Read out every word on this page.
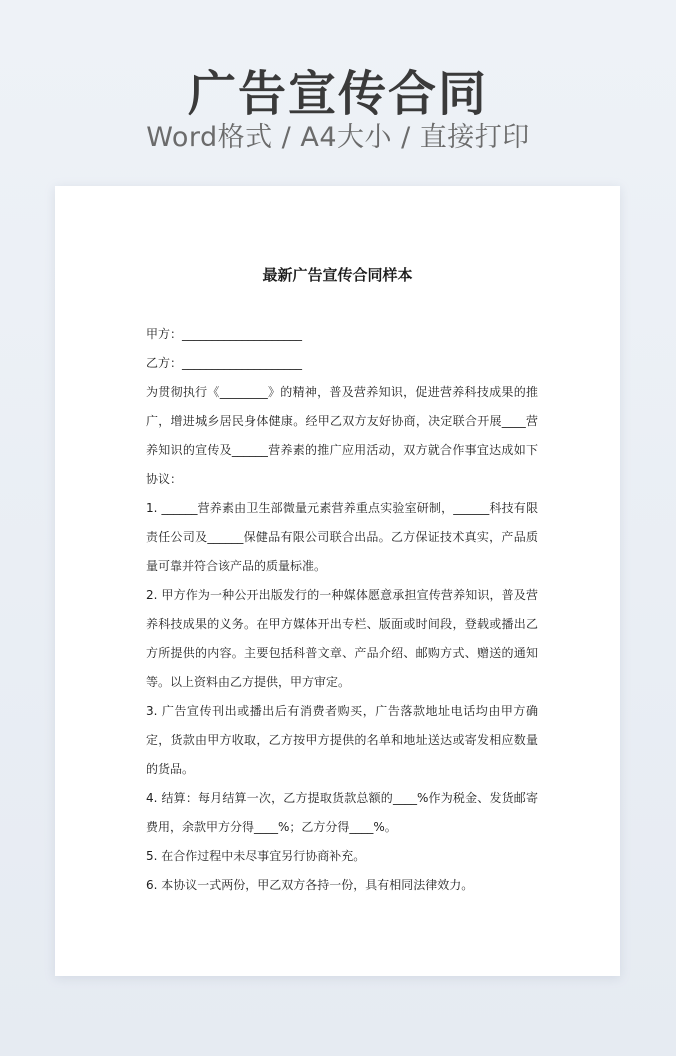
广告宣传合同
Word格式 / A4大小 / 直接打印
最新广告宣传合同样本

甲方：____________________

乙方：____________________

为贯彻执行《________》的精神，普及营养知识，促进营养科技成果的推广，增进城乡居民身体健康。经甲乙双方友好协商，决定联合开展____营养知识的宣传及______营养素的推广应用活动，双方就合作事宜达成如下协议：

1. ______营养素由卫生部微量元素营养重点实验室研制，______科技有限责任公司及______保健品有限公司联合出品。乙方保证技术真实，产品质量可靠并符合该产品的质量标准。

2. 甲方作为一种公开出版发行的一种媒体愿意承担宣传营养知识，普及营养科技成果的义务。在甲方媒体开出专栏、版面或时间段，登载或播出乙方所提供的内容。主要包括科普文章、产品介绍、邮购方式、赠送的通知等。以上资料由乙方提供，甲方审定。

3. 广告宣传刊出或播出后有消费者购买，广告落款地址电话均由甲方确定，货款由甲方收取，乙方按甲方提供的名单和地址送达或寄发相应数量的货品。

4. 结算：每月结算一次，乙方提取货款总额的____%作为税金、发货邮寄费用，余款甲方分得____%；乙方分得____%。

5. 在合作过程中未尽事宜另行协商补充。

6. 本协议一式两份，甲乙双方各持一份，具有相同法律效力。
